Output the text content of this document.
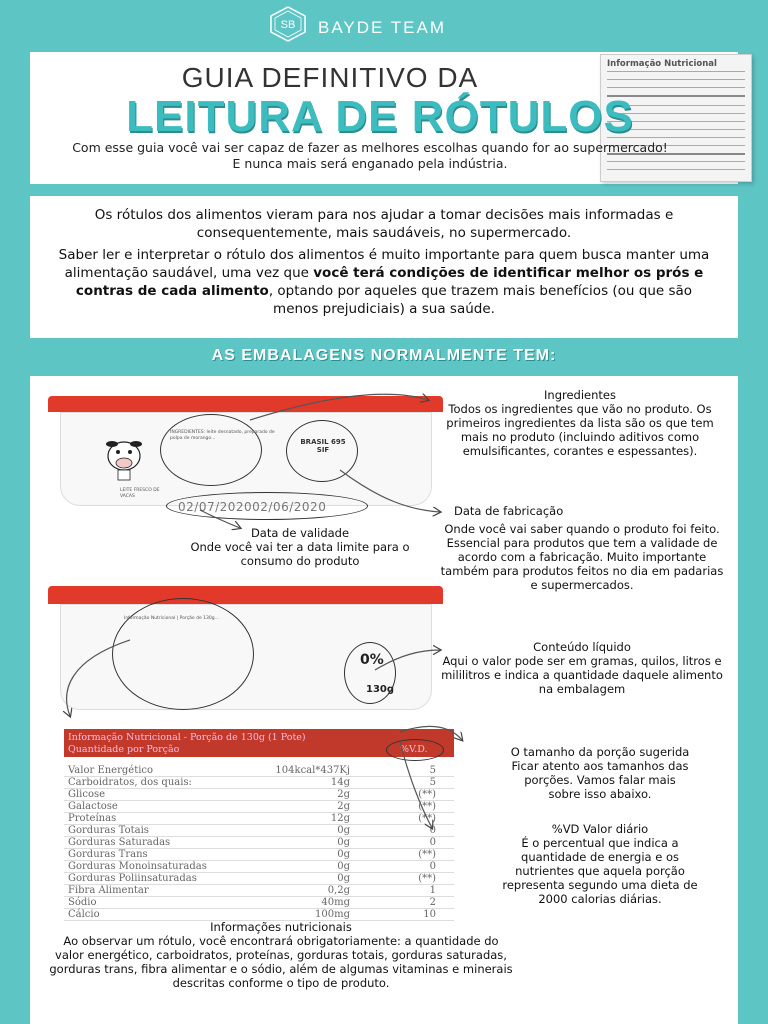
SB BAYDE TEAM
Informação Nutricional
GUIA DEFINITIVO DA
LEITURA DE RÓTULOS
Com esse guia você vai ser capaz de fazer as melhores escolhas quando for ao supermercado! E nunca mais será enganado pela indústria.
Os rótulos dos alimentos vieram para nos ajudar a tomar decisões mais informadas e consequentemente, mais saudáveis, no supermercado.
Saber ler e interpretar o rótulo dos alimentos é muito importante para quem busca manter uma alimentação saudável, uma vez que você terá condições de identificar melhor os prós e contras de cada alimento, optando por aqueles que trazem mais benefícios (ou que são menos prejudiciais) a sua saúde.
AS EMBALAGENS NORMALMENTE TEM:
LEITE FRESCO DE VACAS
INGREDIENTES: leite desnatado, preparado de polpa de morango...	BRASIL 695 SIF
02/07/202002/06/2020
Informação Nutricional | Porção de 130g...
0%
130g
Informação Nutricional - Porção de 130g (1 Pote)
Quantidade por Porção	%V.D.
Valor Energético	104kcal*437Kj	5
Carboidratos, dos quais:	14g	5
Glicose	2g	(**)
Galactose	2g	(**)
Proteínas	12g	(**)
Gorduras Totais	0g	0
Gorduras Saturadas	0g	0
Gorduras Trans	0g	(**)
Gorduras Monoinsaturadas	0g	0
Gorduras Poliinsaturadas	0g	(**)
Fibra Alimentar	0,2g	1
Sódio	40mg	2
Cálcio	100mg	10
Ingredientes
Todos os ingredientes que vão no produto. Os primeiros ingredientes da lista são os que tem mais no produto (incluindo aditivos como emulsificantes, corantes e espessantes).
Data de fabricação
Onde você vai saber quando o produto foi feito. Essencial para produtos que tem a validade de acordo com a fabricação. Muito importante também para produtos feitos no dia em padarias e supermercados.
Data de validade
Onde você vai ter a data limite para o consumo do produto
Conteúdo líquido
Aqui o valor pode ser em gramas, quilos, litros e mililitros e indica a quantidade daquele alimento na embalagem
O tamanho da porção sugerida
Ficar atento aos tamanhos das porções. Vamos falar mais sobre isso abaixo.
%VD Valor diário
É o percentual que indica a quantidade de energia e os nutrientes que aquela porção representa segundo uma dieta de 2000 calorias diárias.
Informações nutricionais
Ao observar um rótulo, você encontrará obrigatoriamente: a quantidade do valor energético, carboidratos, proteínas, gorduras totais, gorduras saturadas, gorduras trans, fibra alimentar e o sódio, além de algumas vitaminas e minerais descritas conforme o tipo de produto.
